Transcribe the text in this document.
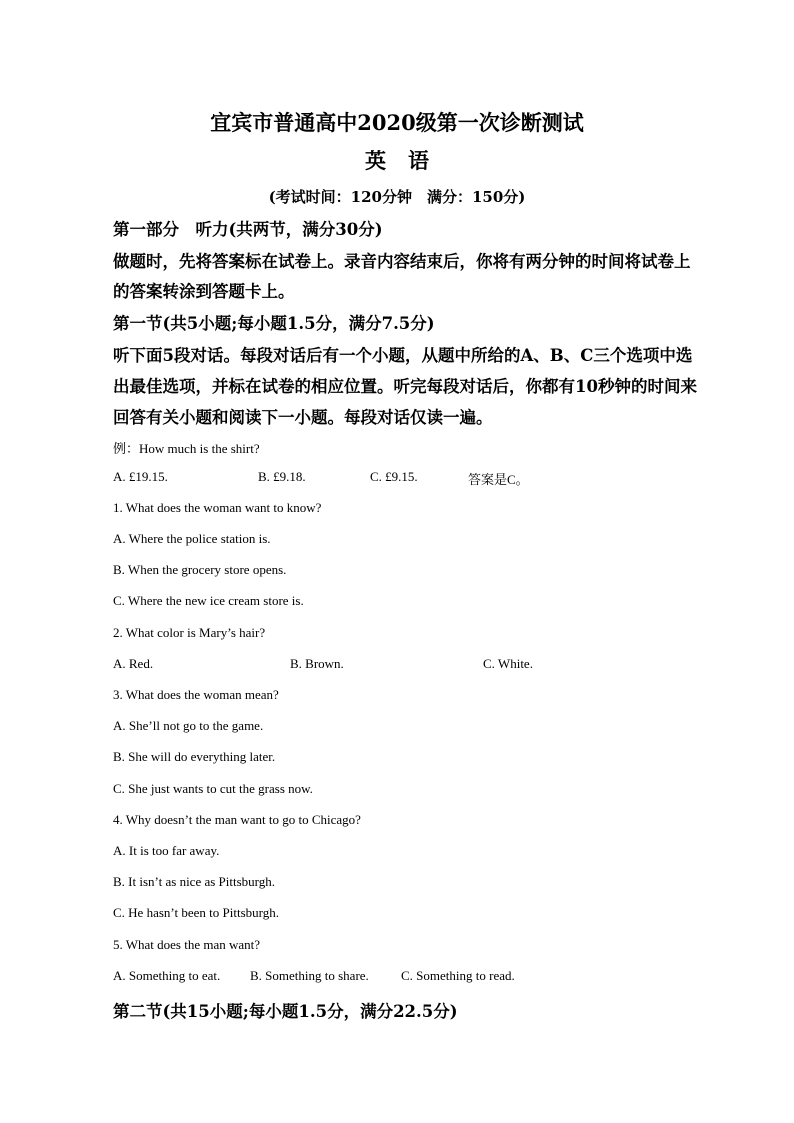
宜宾市普通高中2020级第一次诊断测试
英语
(考试时间：120分钟　满分：150分)
第一部分　听力(共两节，满分30分)
做题时，先将答案标在试卷上。录音内容结束后，你将有两分钟的时间将试卷上
的答案转涂到答题卡上。
第一节(共5小题;每小题1.5分，满分7.5分)
听下面5段对话。每段对话后有一个小题，从题中所给的A、B、C三个选项中选
出最佳选项，并标在试卷的相应位置。听完每段对话后，你都有10秒钟的时间来
回答有关小题和阅读下一小题。每段对话仅读一遍。
例：How much is the shirt?
A. £19.15.	B. £9.18.	C. £9.15.	答案是C。
1. What does the woman want to know?
A. Where the police station is.
B. When the grocery store opens.
C. Where the new ice cream store is.
2. What color is Mary’s hair?
A. Red.	B. Brown.	C. White.
3. What does the woman mean?
A. She’ll not go to the game.
B. She will do everything later.
C. She just wants to cut the grass now.
4. Why doesn’t the man want to go to Chicago?
A. It is too far away.
B. It isn’t as nice as Pittsburgh.
C. He hasn’t been to Pittsburgh.
5. What does the man want?
A. Something to eat. B. Something to share. C. Something to read.
第二节(共15小题;每小题1.5分，满分22.5分)
